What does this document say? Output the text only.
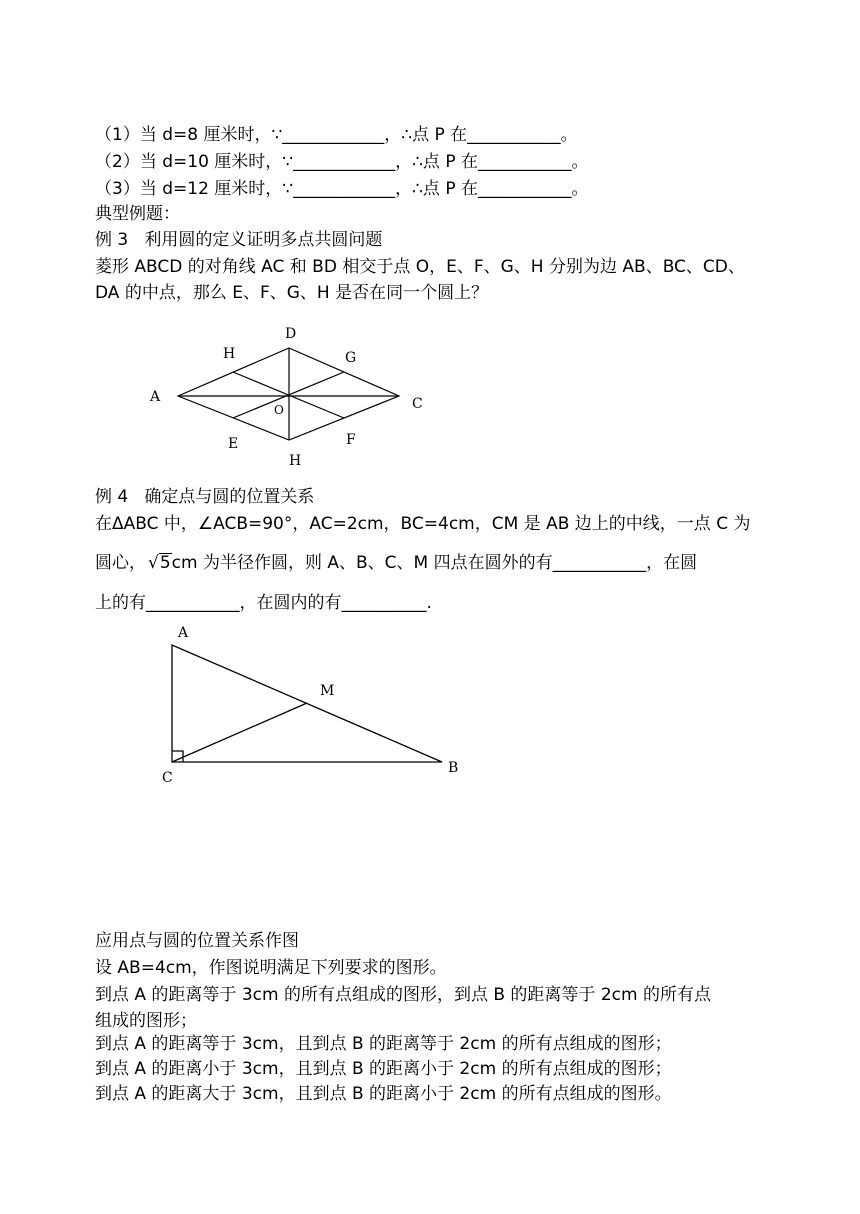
（1）当 d=8 厘米时，∵____________，∴点 P 在___________。
（2）当 d=10 厘米时，∵____________，∴点 P 在___________。
（3）当 d=12 厘米时，∵____________，∴点 P 在___________。
典型例题：
例 3   利用圆的定义证明多点共圆问题
菱形 ABCD 的对角线 AC 和 BD 相交于点 O，E、F、G、H 分别为边 AB、BC、CD、
DA 的中点，那么 E、F、G、H 是否在同一个圆上？
A
D
H	G
C
O
E	F
H
例 4   确定点与圆的位置关系
在ΔABC 中，∠ACB=90°，AC=2cm，BC=4cm，CM 是 AB 边上的中线，一点 C 为
圆心， √5cm 为半径作圆，则 A、B、C、M 四点在圆外的有___________，在圆
上的有___________，在圆内的有__________.
A
M
B
C
应用点与圆的位置关系作图
设 AB=4cm，作图说明满足下列要求的图形。
到点 A 的距离等于 3cm 的所有点组成的图形，到点 B 的距离等于 2cm 的所有点
组成的图形；
到点 A 的距离等于 3cm，且到点 B 的距离等于 2cm 的所有点组成的图形；
到点 A 的距离小于 3cm，且到点 B 的距离小于 2cm 的所有点组成的图形；
到点 A 的距离大于 3cm，且到点 B 的距离小于 2cm 的所有点组成的图形。
